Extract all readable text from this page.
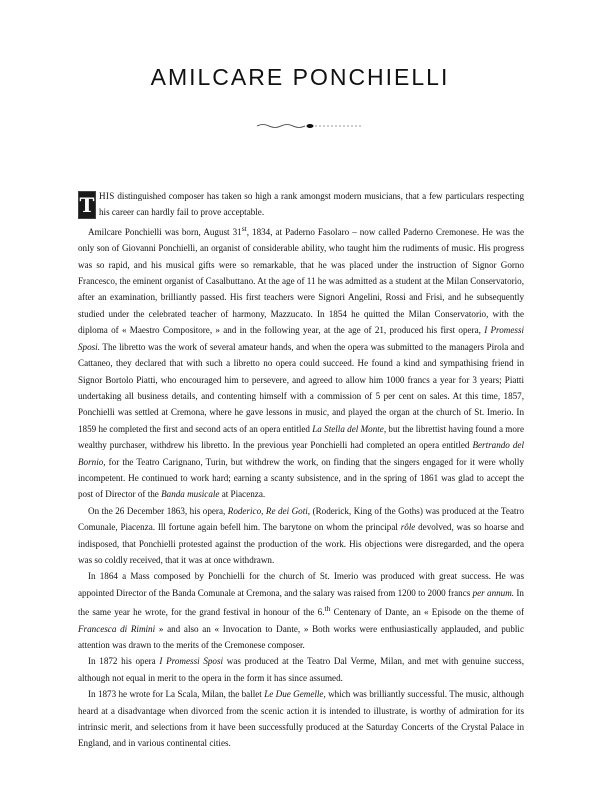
AMILCARE PONCHIELLI

T HIS distinguished composer has taken so high a rank amongst modern musicians, that a few particulars respecting his career can hardly fail to prove acceptable.

Amilcare Ponchielli was born, August 31st, 1834, at Paderno Fasolaro – now called Paderno Cremonese. He was the only son of Giovanni Ponchielli, an organist of considerable ability, who taught him the rudiments of music. His progress was so rapid, and his musical gifts were so remarkable, that he was placed under the instruction of Signor Gorno Francesco, the eminent organist of Casalbuttano. At the age of 11 he was admitted as a student at the Milan Conservatorio, after an examination, brilliantly passed. His first teachers were Signori Angelini, Rossi and Frisi, and he subsequently studied under the celebrated teacher of harmony, Mazzucato. In 1854 he quitted the Milan Conservatorio, with the diploma of « Maestro Compositore, » and in the following year, at the age of 21, produced his first opera, I Promessi Sposi. The libretto was the work of several amateur hands, and when the opera was submitted to the managers Pirola and Cattaneo, they declared that with such a libretto no opera could succeed. He found a kind and sympathising friend in Signor Bortolo Piatti, who encouraged him to persevere, and agreed to allow him 1000 francs a year for 3 years; Piatti undertaking all business details, and contenting himself with a commission of 5 per cent on sales. At this time, 1857, Ponchielli was settled at Cremona, where he gave lessons in music, and played the organ at the church of St. Imerio. In 1859 he completed the first and second acts of an opera entitled La Stella del Monte, but the librettist having found a more wealthy purchaser, withdrew his libretto. In the previous year Ponchielli had completed an opera entitled Bertrando del Bornio, for the Teatro Carignano, Turin, but withdrew the work, on finding that the singers engaged for it were wholly incompetent. He continued to work hard; earning a scanty subsistence, and in the spring of 1861 was glad to accept the post of Director of the Banda musicale at Piacenza.

On the 26 December 1863, his opera, Roderico, Re dei Goti, (Roderick, King of the Goths) was produced at the Teatro Comunale, Piacenza. Ill fortune again befell him. The barytone on whom the principal rôle devolved, was so hoarse and indisposed, that Ponchielli protested against the production of the work. His objections were disregarded, and the opera was so coldly received, that it was at once withdrawn.

In 1864 a Mass composed by Ponchielli for the church of St. Imerio was produced with great success. He was appointed Director of the Banda Comunale at Cremona, and the salary was raised from 1200 to 2000 francs per annum. In the same year he wrote, for the grand festival in honour of the 6.$^{th}$ Centenary of Dante, an « Episode on the theme of Francesca di Rimini » and also an « Invocation to Dante, » Both works were enthusiastically applauded, and public attention was drawn to the merits of the Cremonese composer.

In 1872 his opera I Promessi Sposi was produced at the Teatro Dal Verme, Milan, and met with genuine success, although not equal in merit to the opera in the form it has since assumed.

In 1873 he wrote for La Scala, Milan, the ballet Le Due Gemelle, which was brilliantly successful. The music, although heard at a disadvantage when divorced from the scenic action it is intended to illustrate, is worthy of admiration for its intrinsic merit, and selections from it have been successfully produced at the Saturday Concerts of the Crystal Palace in England, and in various continental cities.
